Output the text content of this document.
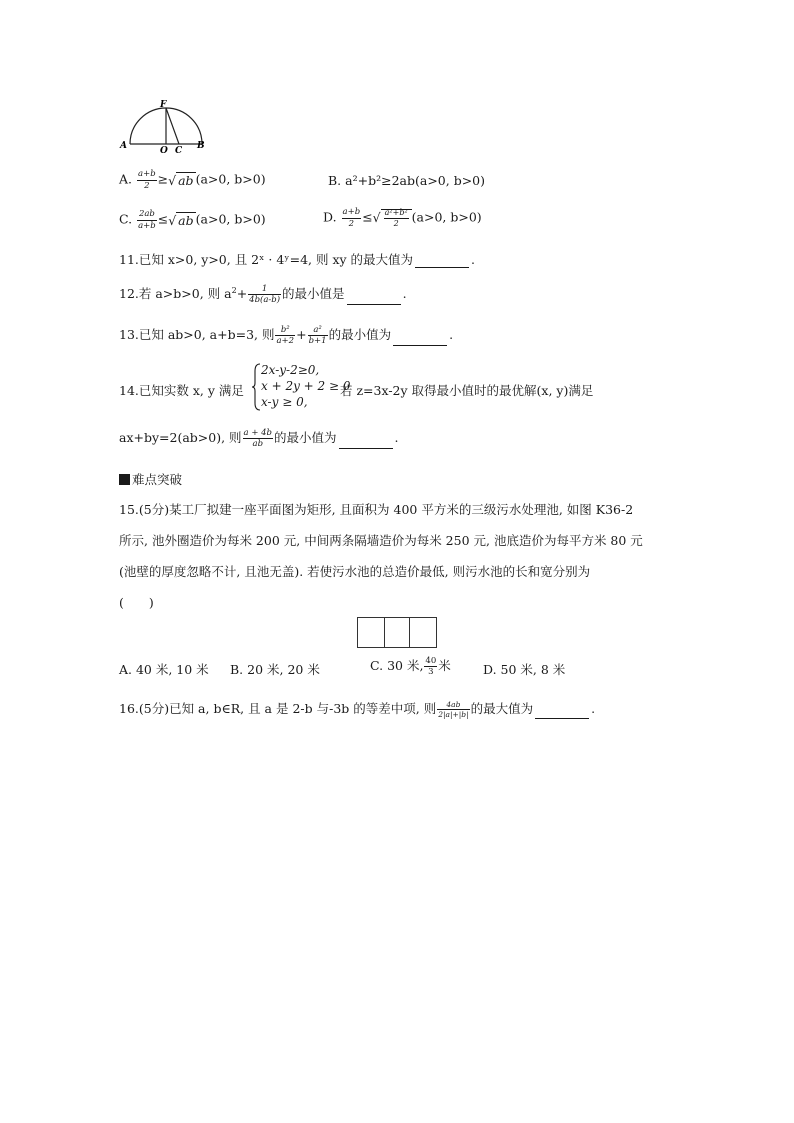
F
A	O C B
A. $\frac{a+b}{2}$ ≥√ ab (a>0, b>0)	B. a²+b²≥2ab(a>0, b>0)
C. $\frac{2ab}{a+b}$ ≤√ ab (a>0, b>0)	D. $\frac{a+b}{2}$ ≤√ $\frac{\text{a²+b²}}{2} (a>0$, b>0)
11.已知 x>0, y>0, 且 2ˣ · 4ʸ=4, 则 xy 的最大值为	.
12.若 a>b>0, 则 $a^2+ \frac{1}{4b(a-b)}$ 的最小值是	.
13.已知 ab>0, a+b=3, 则 $\frac{\text{b²}}{a+2} + \frac{\text{a²}}{b+1}$ 的最小值为	.
14.已知实数 x, y 满足
2x-y-2≥0,
x + 2y + 2 ≥ 0
x-y ≥ 0,
若 z=3x-2y 取得最小值时的最优解(x, y)满足
ax+by=2(ab>0), 则 $\frac{a + 4b}{ab}$ 的最小值为	.
难点突破
15.(5分)某工厂拟建一座平面图为矩形, 且面积为 400 平方米的三级污水处理池, 如图 K36-2
所示, 池外圈造价为每米 200 元, 中间两条隔墙造价为每米 250 元, 池底造价为每平方米 80 元
(池壁的厚度忽略不计, 且池无盖). 若使污水池的总造价最低, 则污水池的长和宽分别为
(　　)
A. 40 米, 10 米 B. 20 米, 20 米	C. 30 米, $\frac{40}{3}$ 米	D. 50 米, 8 米
16.(5分)已知 a, b∈R, 且 a 是 2-b 与-3b 的等差中项, 则 $\frac{4ab}{2|a|+|b|}$ 的最大值为	.
